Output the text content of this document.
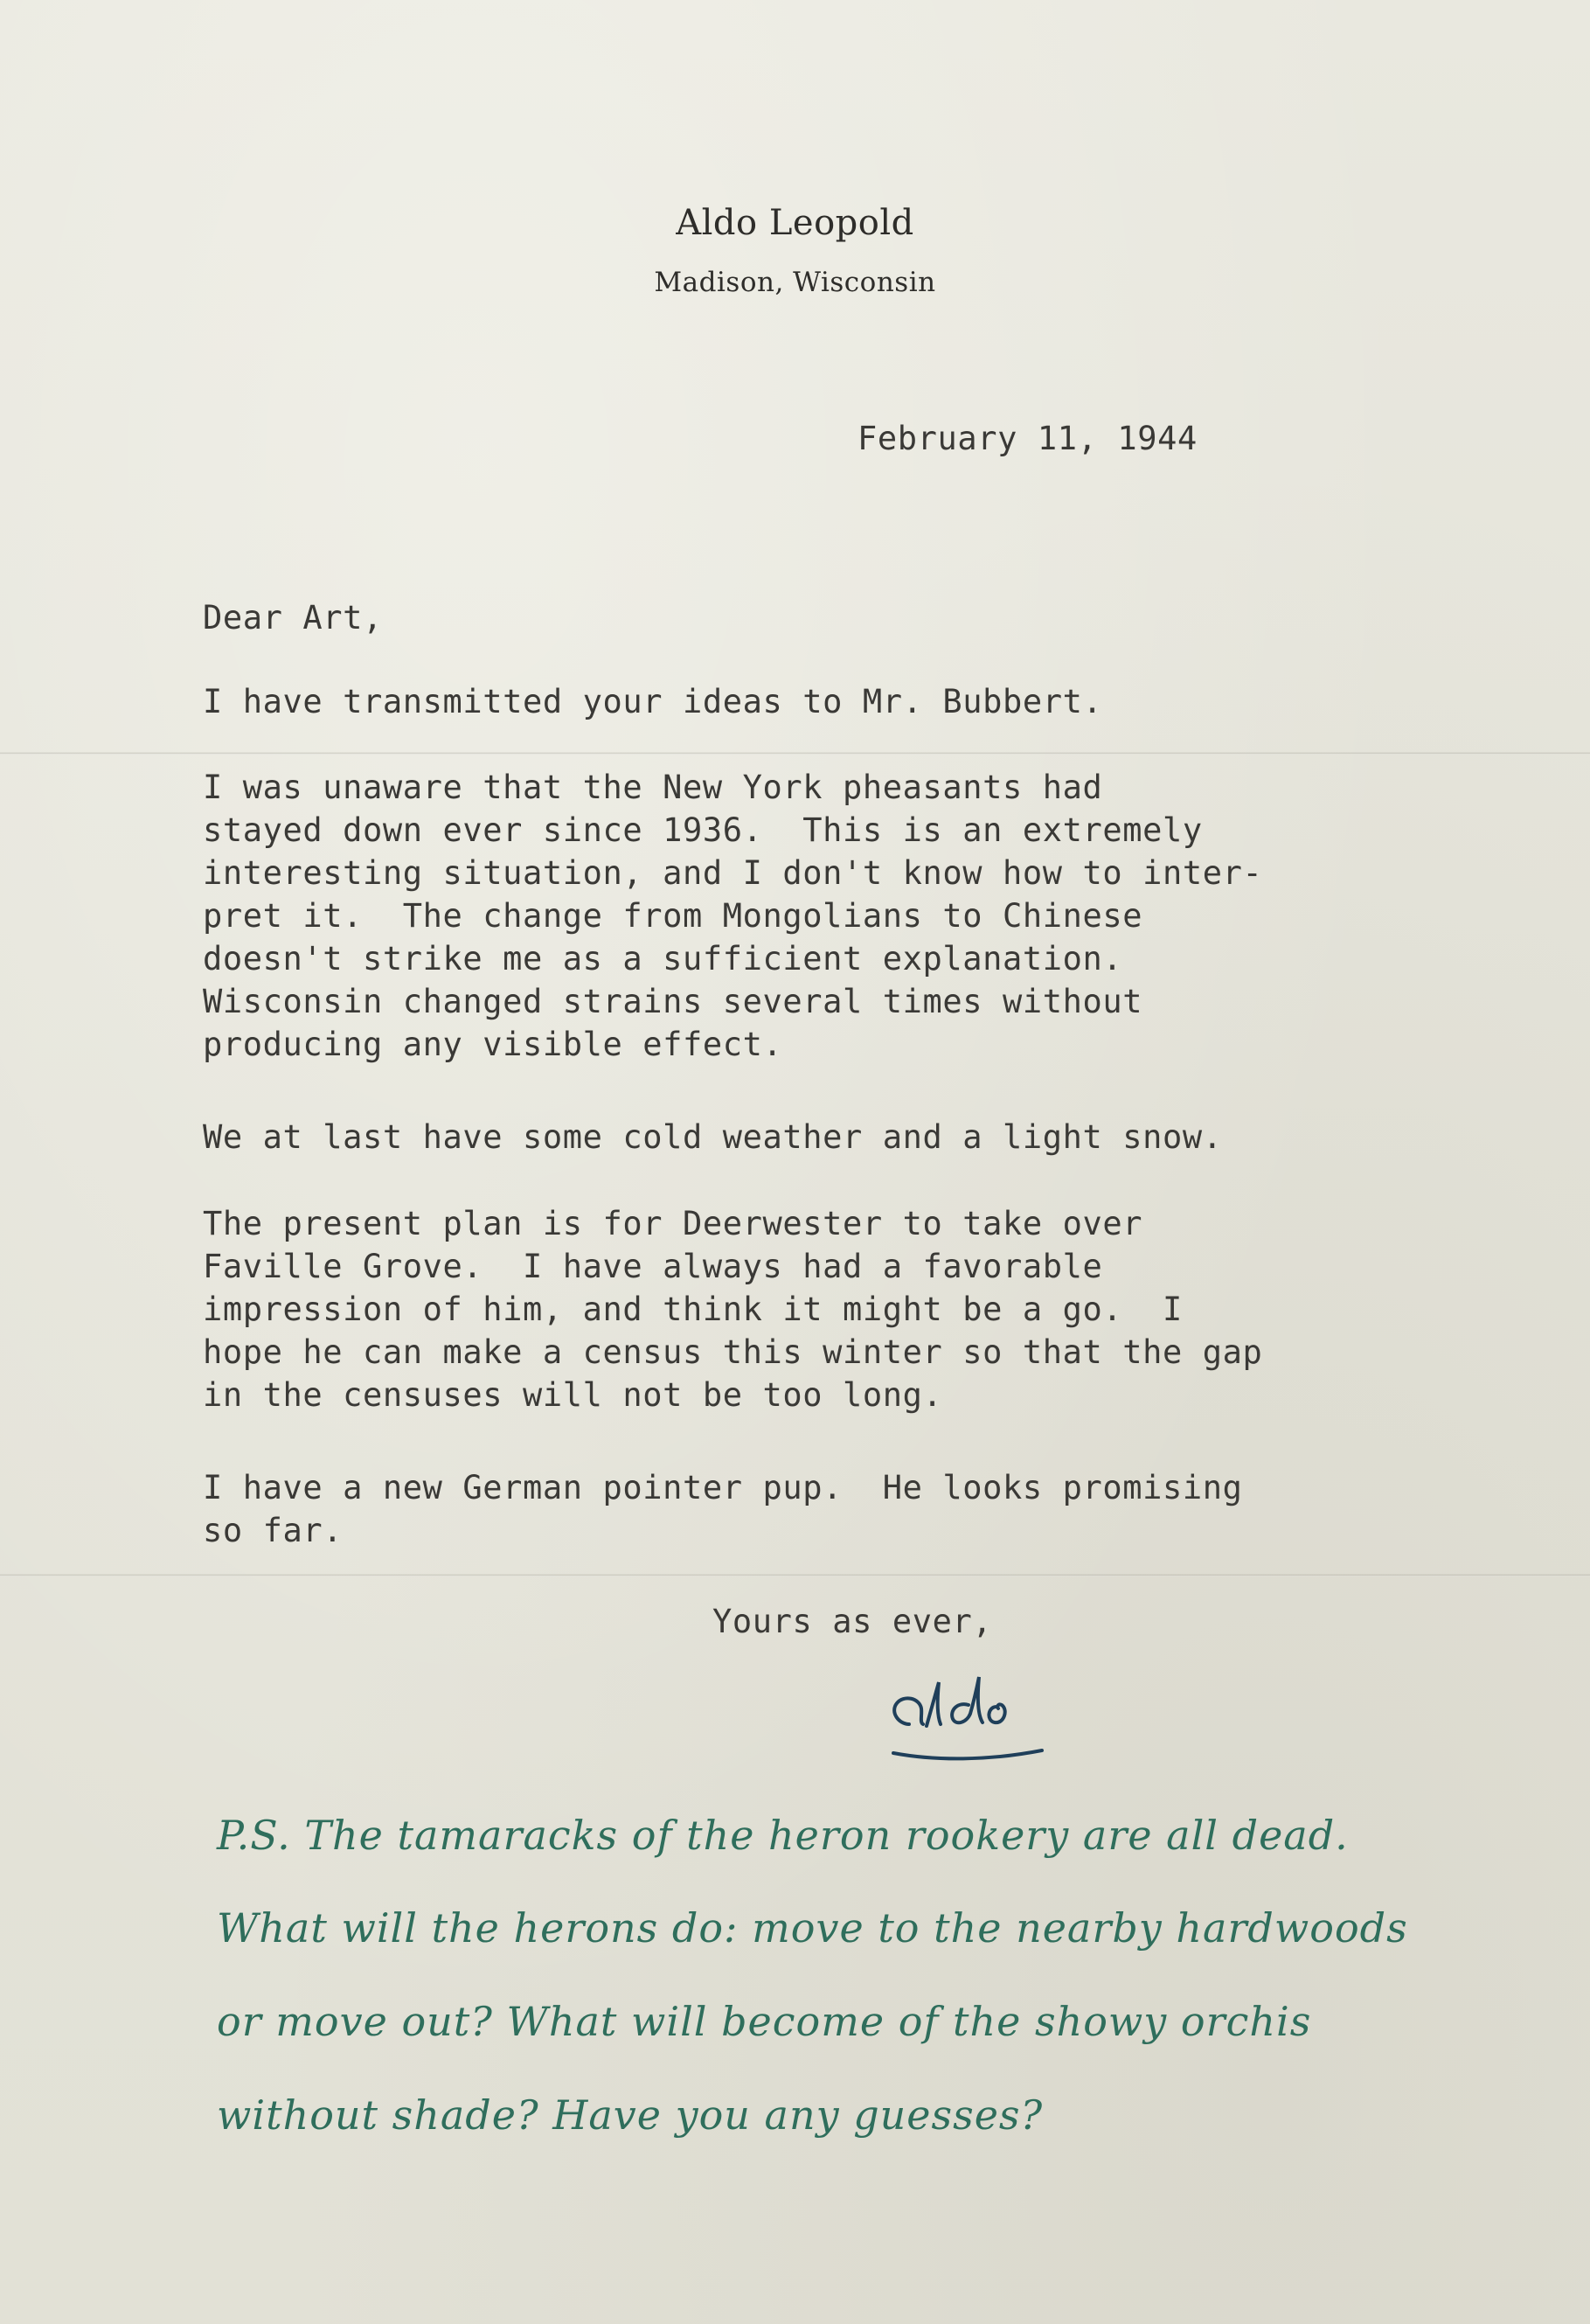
Aldo Leopold
Madison, Wisconsin
February 11, 1944
Dear Art,
I have transmitted your ideas to Mr. Bubbert.
I was unaware that the New York pheasants had
stayed down ever since 1936.  This is an extremely
interesting situation, and I don't know how to inter-
pret it.  The change from Mongolians to Chinese
doesn't strike me as a sufficient explanation.
Wisconsin changed strains several times without
producing any visible effect.
We at last have some cold weather and a light snow.
The present plan is for Deerwester to take over
Faville Grove.  I have always had a favorable
impression of him, and think it might be a go.  I
hope he can make a census this winter so that the gap
in the censuses will not be too long.
I have a new German pointer pup.  He looks promising
so far.
Yours as ever,
P.S. The tamaracks of the heron rookery are all dead.
What will the herons do: move to the nearby hardwoods
or move out? What will become of the showy orchis
without shade? Have you any guesses?
